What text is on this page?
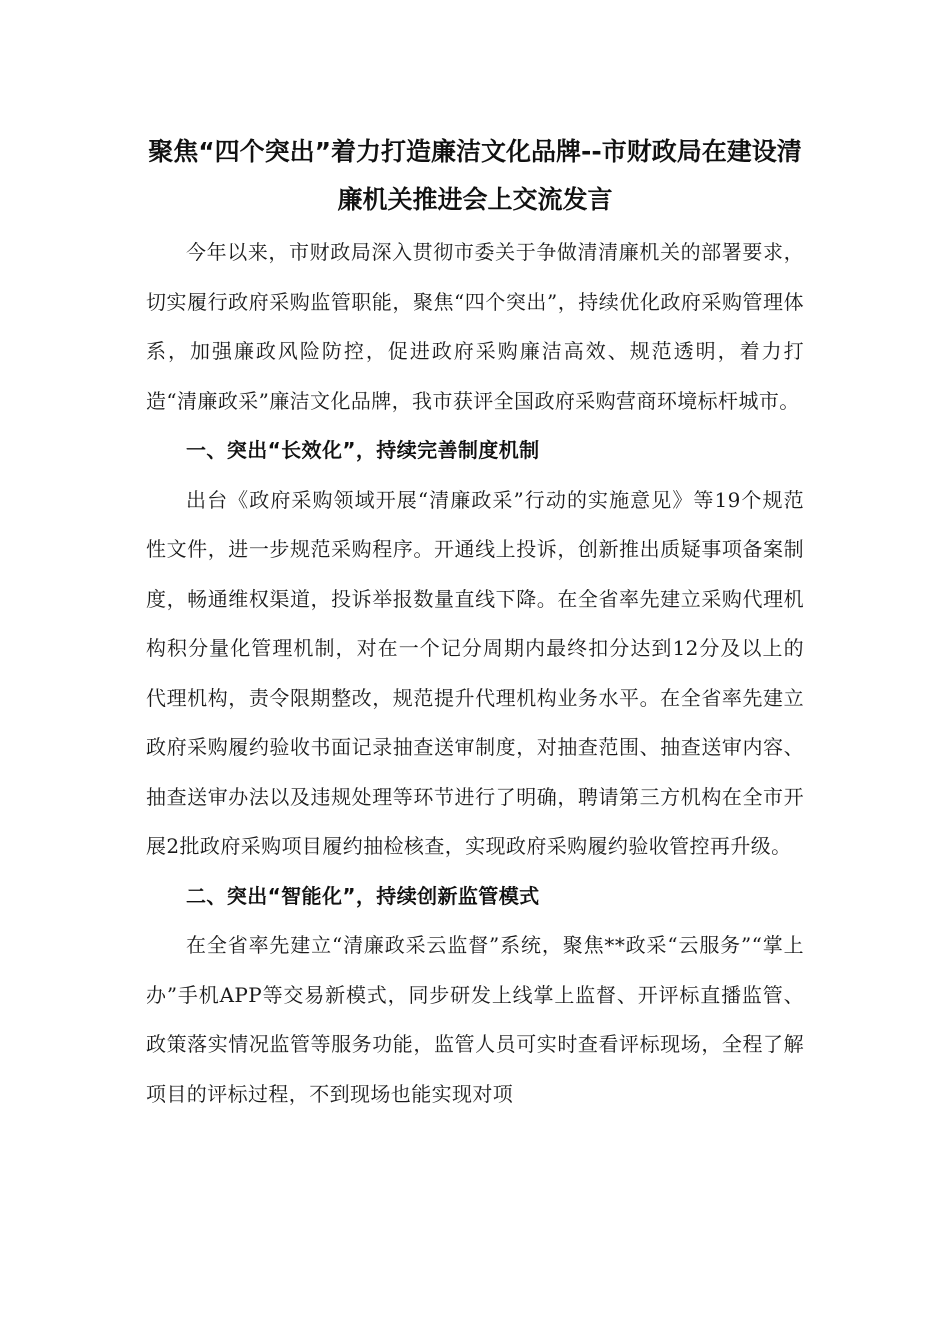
聚焦“四个突出”着力打造廉洁文化品牌--市财政局在建设清廉机关推进会上交流发言

今年以来，市财政局深入贯彻市委关于争做清清廉机关的部署要求，切实履行政府采购监管职能，聚焦“四个突出”，持续优化政府采购管理体系，加强廉政风险防控，促进政府采购廉洁高效、规范透明，着力打造“清廉政采”廉洁文化品牌，我市获评全国政府采购营商环境标杆城市。

一、突出“长效化”，持续完善制度机制

出台《政府采购领域开展“清廉政采”行动的实施意见》等19个规范性文件，进一步规范采购程序。开通线上投诉，创新推出质疑事项备案制度，畅通维权渠道，投诉举报数量直线下降。在全省率先建立采购代理机构积分量化管理机制，对在一个记分周期内最终扣分达到12分及以上的代理机构，责令限期整改，规范提升代理机构业务水平。在全省率先建立政府采购履约验收书面记录抽查送审制度，对抽查范围、抽查送审内容、抽查送审办法以及违规处理等环节进行了明确，聘请第三方机构在全市开展2批政府采购项目履约抽检核查，实现政府采购履约验收管控再升级。

二、突出“智能化”，持续创新监管模式

在全省率先建立“清廉政采云监督”系统，聚焦**政采“云服务”“掌上办”手机APP等交易新模式，同步研发上线掌上监督、开评标直播监管、政策落实情况监管等服务功能，监管人员可实时查看评标现场，全程了解项目的评标过程，不到现场也能实现对项
